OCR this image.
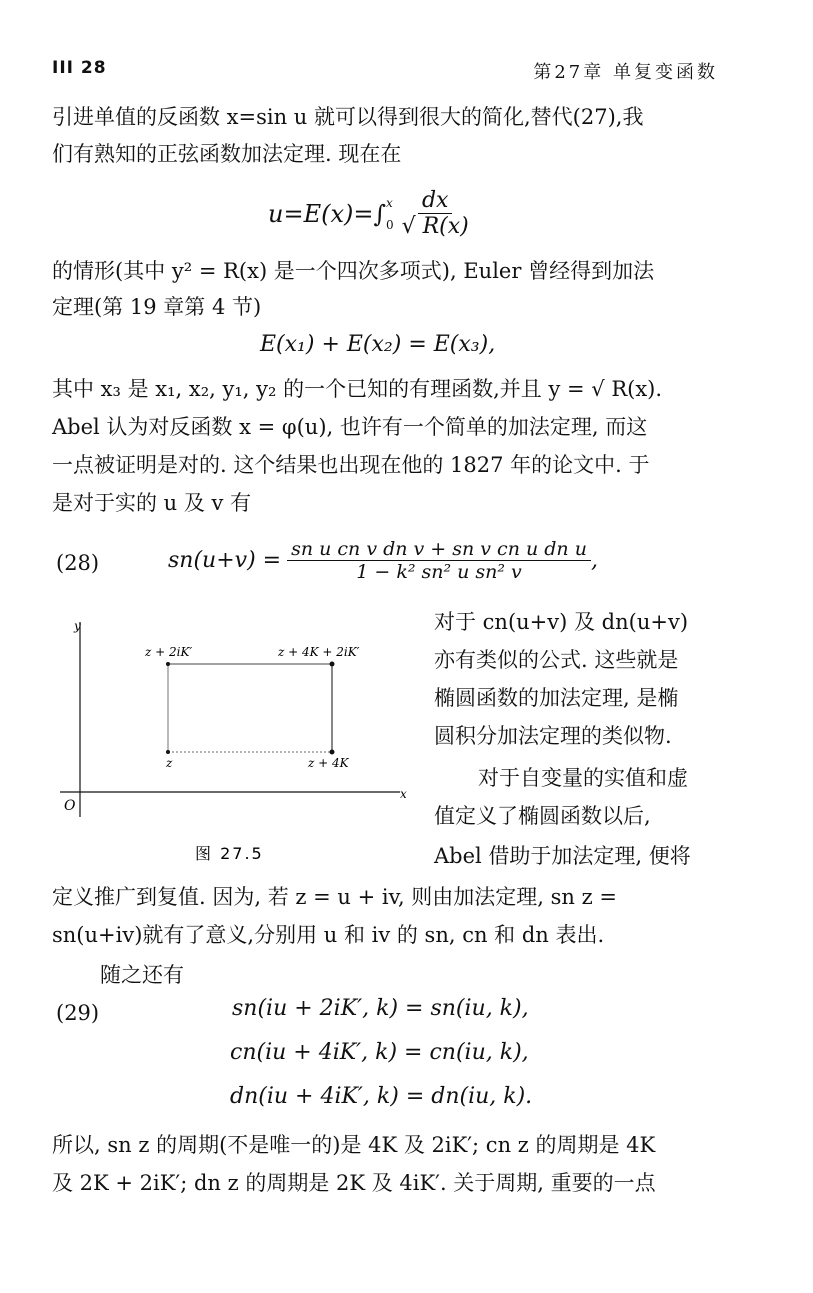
III 28	第27章 单复变函数
引进单值的反函数 x=sin u 就可以得到很大的简化,替代(27),我
们有熟知的正弦函数加法定理. 现在在
u=E(x)=∫ x
$0 \frac{dx}{√ R(x)}$
的情形(其中 y² = R(x) 是一个四次多项式), Euler 曾经得到加法
定理(第 19 章第 4 节)
E(x₁) + E(x₂) = E(x₃),
其中 x₃ 是 x₁, x₂, y₁, y₂ 的一个已知的有理函数,并且 y = √ R(x).
Abel 认为对反函数 x = φ(u), 也许有一个简单的加法定理, 而这
一点被证明是对的. 这个结果也出现在他的 1827 年的论文中. 于
是对于实的 u 及 v 有
(28)	$sn(u+v) = \frac{\text{sn u cn v dn v + sn v cn u dn u}}{\text{1 − k² sn² u sn² v}}$ ,
y
x
O
z + 2iK′	z + 4K + 2iK′
z	z + 4K
图 27.5
对于 cn(u+v) 及 dn(u+v)
亦有类似的公式. 这些就是
椭圆函数的加法定理, 是椭
圆积分加法定理的类似物.
对于自变量的实值和虚
值定义了椭圆函数以后,
Abel 借助于加法定理, 便将
定义推广到复值. 因为, 若 z = u + iv, 则由加法定理, sn z =
sn(u+iv)就有了意义,分别用 u 和 iv 的 sn, cn 和 dn 表出.
随之还有
(29)	sn(iu + 2iK′, k) = sn(iu, k),
cn(iu + 4iK′, k) = cn(iu, k),
dn(iu + 4iK′, k) = dn(iu, k).
所以, sn z 的周期(不是唯一的)是 4K 及 2iK′; cn z 的周期是 4K
及 2K + 2iK′; dn z 的周期是 2K 及 4iK′. 关于周期, 重要的一点
